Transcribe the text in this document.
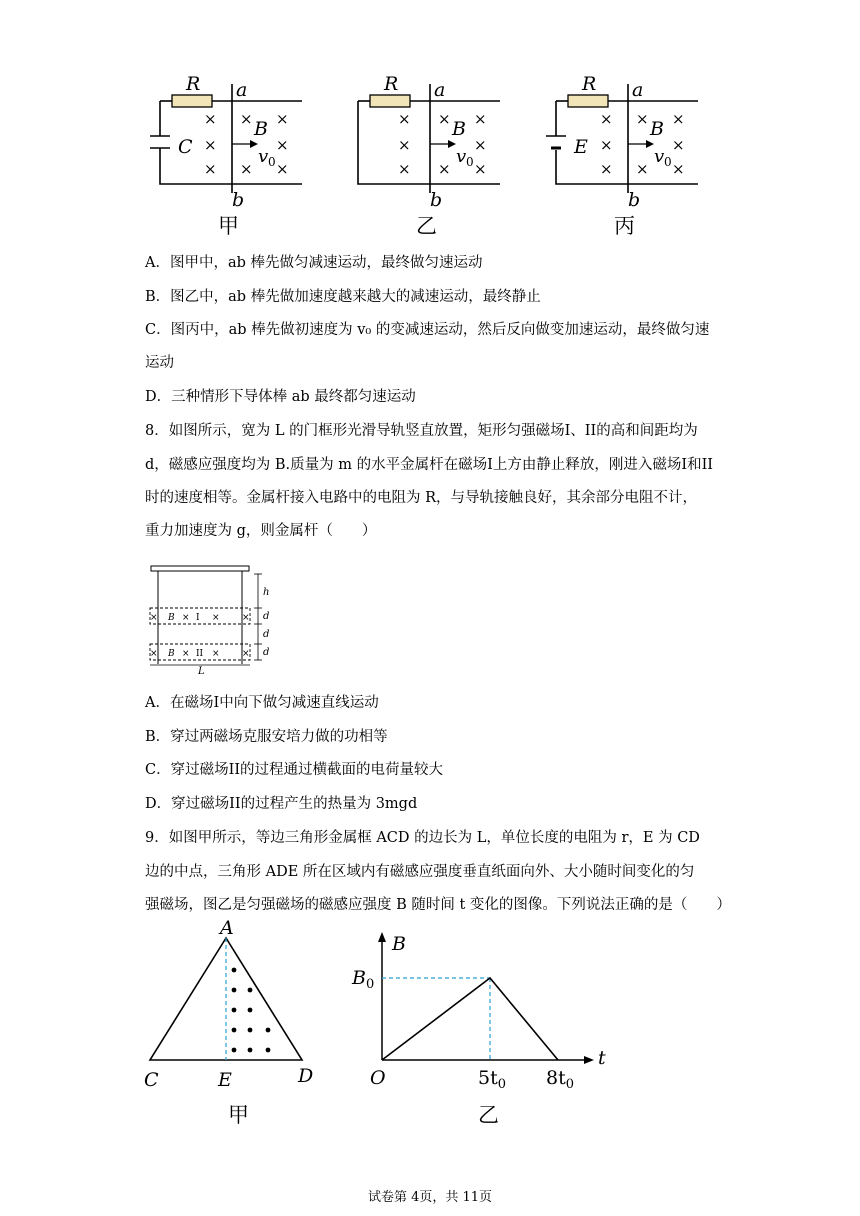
C
R a
b
B
×
×
×
× ×
×
×
×
v 0
甲
R a
b
B
×
×
×
× ×
×
×
×
v 0
乙
E
R a
b
B
×
×
×
× ×
×
×
×
v 0
丙
A．图甲中，ab 棒先做匀减速运动，最终做匀速运动
B．图乙中，ab 棒先做加速度越来越大的减速运动，最终静止
C．图丙中，ab 棒先做初速度为 v₀ 的变减速运动，然后反向做变加速运动，最终做匀速
运动
D．三种情形下导体棒 ab 最终都匀速运动
8．如图所示，宽为 L 的门框形光滑导轨竖直放置，矩形匀强磁场I、II的高和间距均为
d，磁感应强度均为 B.质量为 m 的水平金属杆在磁场I上方由静止释放，刚进入磁场I和II
时的速度相等。金属杆接入电路中的电阻为 R，与导轨接触良好，其余部分电阻不计，
重力加速度为 g，则金属杆（　　）
× B × I × ×
× B × II × ×
h
d
d
d
L
A．在磁场I中向下做匀减速直线运动
B．穿过两磁场克服安培力做的功相等
C．穿过磁场II的过程通过横截面的电荷量较大
D．穿过磁场II的过程产生的热量为 3mgd
9．如图甲所示，等边三角形金属框 ACD 的边长为 L，单位长度的电阻为 r，E 为 CD
边的中点，三角形 ADE 所在区域内有磁感应强度垂直纸面向外、大小随时间变化的匀
强磁场，图乙是匀强磁场的磁感应强度 B 随时间 t 变化的图像。下列说法正确的是（　　）
A
C	E	D
甲
B
t
$B_0$
O	$5t_0$ $8t_0$
乙
试卷第 4页，共 11页
